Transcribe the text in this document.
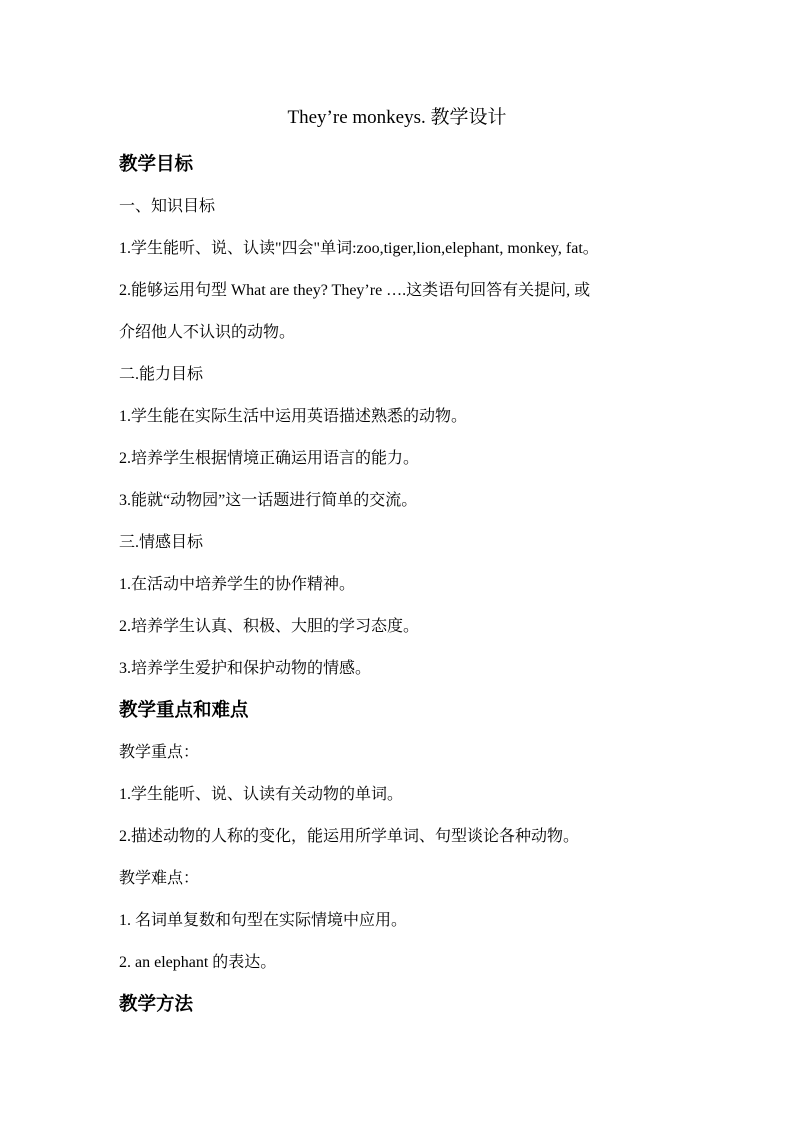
They’re monkeys. 教学设计
教学目标
一、知识目标
1.学生能听、说、认读"四会"单词:zoo,tiger,lion,elephant, monkey, fat。
2.能够运用句型 What are they? They’re ….这类语句回答有关提问, 或
介绍他人不认识的动物。
二.能力目标
1.学生能在实际生活中运用英语描述熟悉的动物。
2.培养学生根据情境正确运用语言的能力。
3.能就“动物园”这一话题进行简单的交流。
三.情感目标
1.在活动中培养学生的协作精神。
2.培养学生认真、积极、大胆的学习态度。
3.培养学生爱护和保护动物的情感。
教学重点和难点
教学重点：
1.学生能听、说、认读有关动物的单词。
2.描述动物的人称的变化，能运用所学单词、句型谈论各种动物。
教学难点：
1. 名词单复数和句型在实际情境中应用。
2. an elephant 的表达。
教学方法
